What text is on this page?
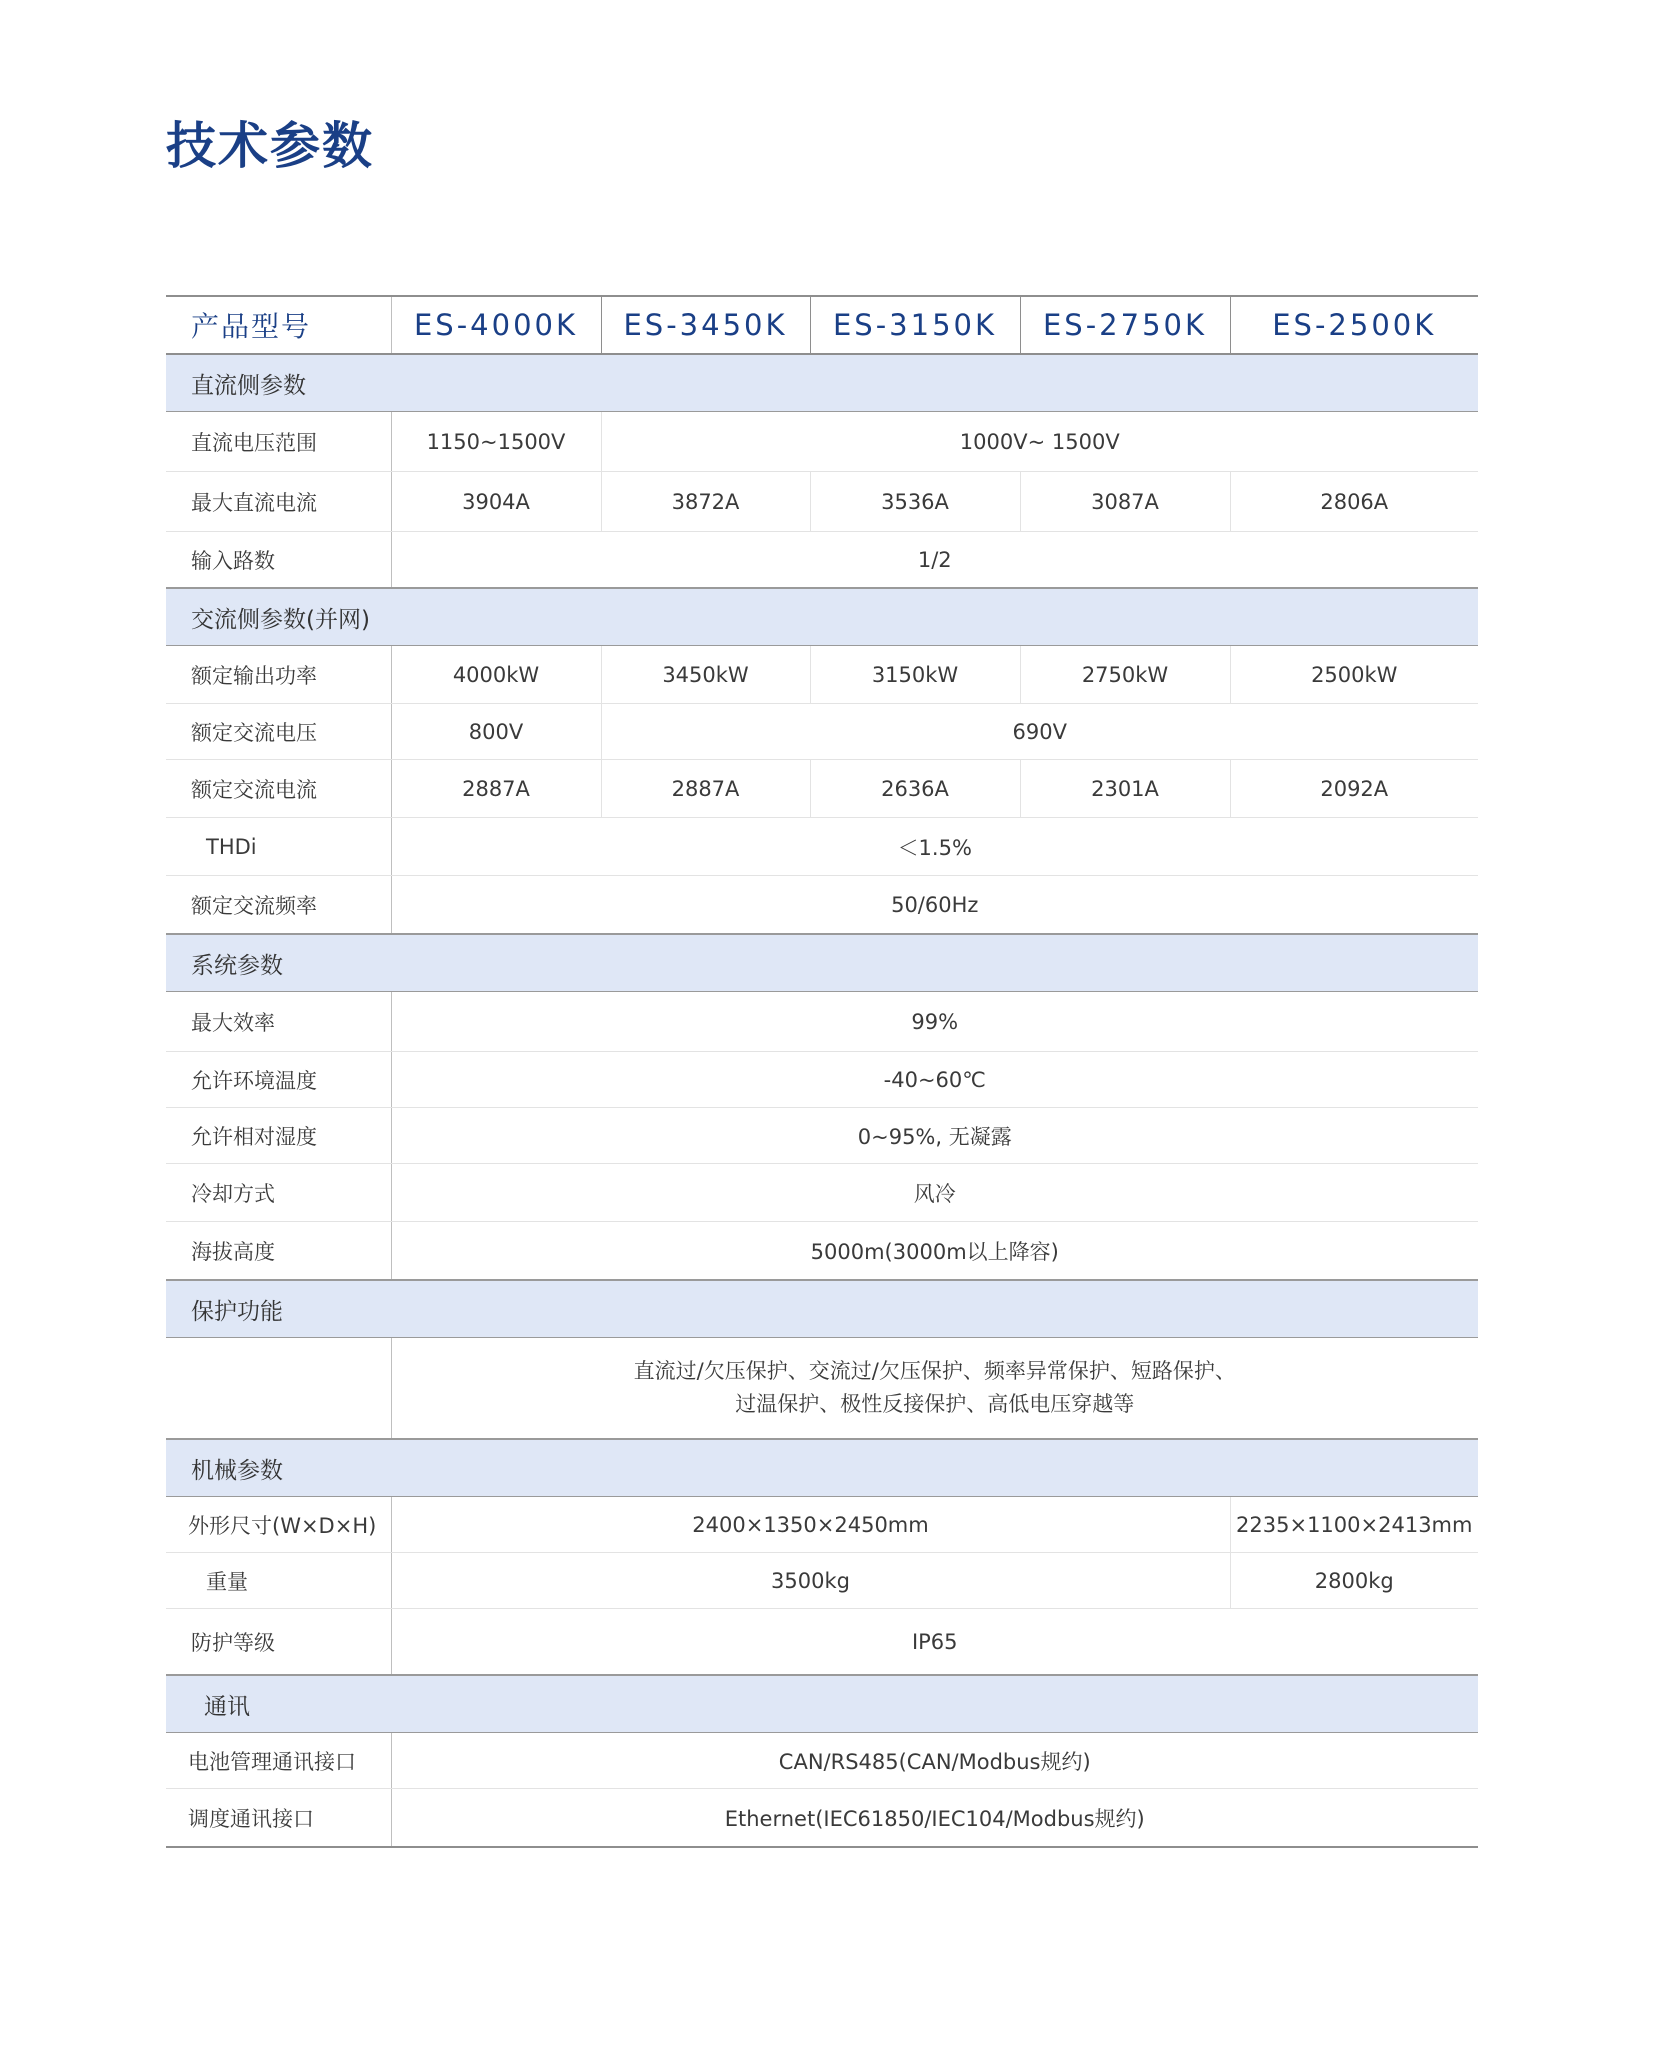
技术参数
产品型号	ES-4000K	ES-3450K	ES-3150K	ES-2750K	ES-2500K
直流侧参数					
直流电压范围	1150~1500V	1000V~ 1500V			
最大直流电流	3904A	3872A	3536A	3087A	2806A
输入路数	1/2				
交流侧参数(并网)					
额定输出功率	4000kW	3450kW	3150kW	2750kW	2500kW
额定交流电压	800V	690V			
额定交流电流	2887A	2887A	2636A	2301A	2092A
THDi	＜1.5%				
额定交流频率	50/60Hz				
系统参数					
最大效率	99%				
允许环境温度	-40~60℃				
允许相对湿度	0~95%, 无凝露				
冷却方式	风冷				
海拔高度	5000m(3000m以上降容)				
保护功能					

	直流过/欠压保护、交流过/欠压保护、频率异常保护、短路保护、
过温保护、极性反接保护、高低电压穿越等				

机械参数					
外形尺寸(W×D×H)	2400×1350×2450mm				2235×1100×2413mm
重量	3500kg				2800kg
防护等级	IP65				
通讯					
电池管理通讯接口	CAN/RS485(CAN/Modbus规约)				
调度通讯接口	Ethernet(IEC61850/IEC104/Modbus规约)				
